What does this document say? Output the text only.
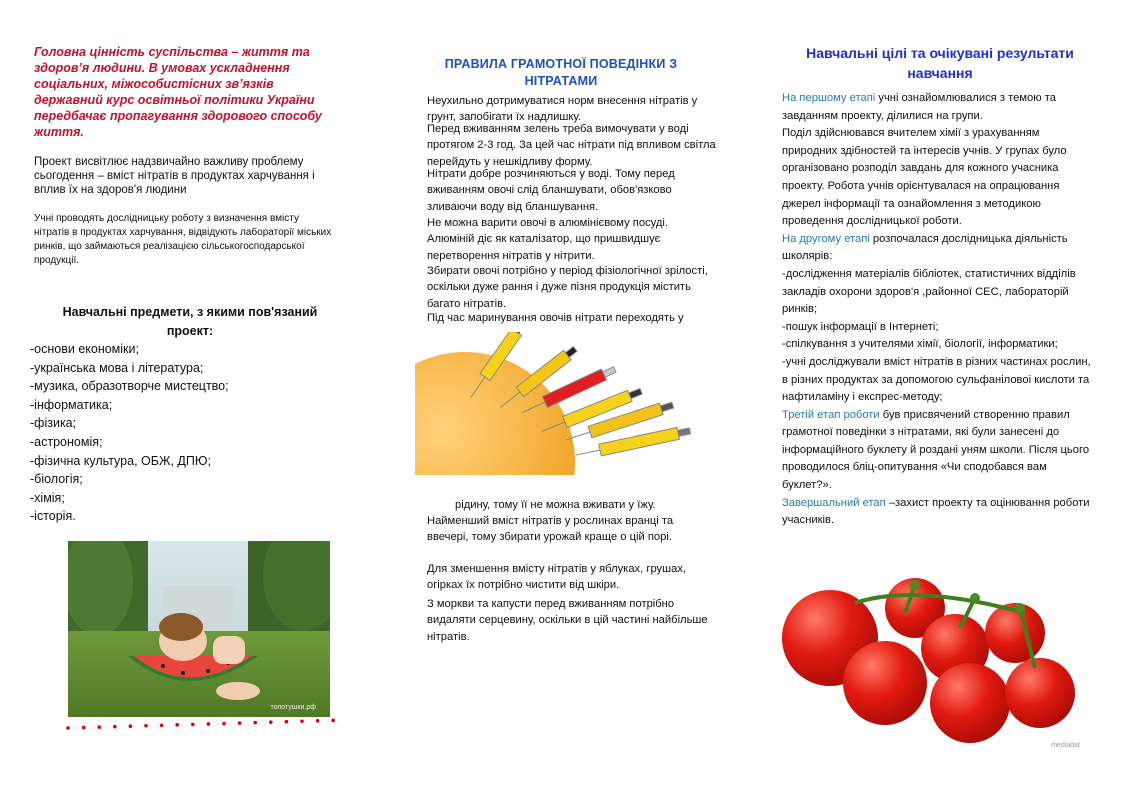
Головна цінність суспільства – життя та здоров’я людини. В умовах ускладнення соціальних, міжособистісних зв’язків державний курс освітньої політики України передбачає пропагування здорового способу життя.
Проект висвітлює надзвичайно важливу проблему сьогодення – вміст нітратів в продуктах харчування і вплив їх на здоров'я людини
Учні проводять дослідницьку роботу з визначення вмісту нітратів в продуктах харчування, відвідують лабораторії міських ринків, що займаються реалізацією сільськогосподарської продукції.
Навчальні предмети, з якими пов'язаний проект:
-основи економіки;
-українська мова і література;
-музика, образотворче мистецтво;
-інформатика;
-фізика;
-астрономія;
-фізична культура, ОБЖ, ДПЮ;
-біологія;
-хімія;
-історія.
топотушки.рф
ПРАВИЛА ГРАМОТНОЇ ПОВЕДІНКИ З НІТРАТАМИ

Неухильно дотримуватися норм внесення нітратів у грунт, запобігати їх надлишку.

Перед вживанням зелень треба вимочувати у воді протягом 2-3 год. За цей час нітрати під впливом світла перейдуть у нешкідливу форму.

Нітрати добре розчиняються у воді. Тому перед вживанням овочі слід бланшувати, обов'язково зливаючи воду від бланшування.

Не можна варити овочі в алюмінієвому посуді. Алюміній діє як каталізатор, що пришвидшує перетворення нітратів у нітрити.

Збирати овочі потрібно у період фізіологічної зрілості, оскільки дуже рання і дуже пізня продукція містить багато нітратів.

Під час маринування овочів нітрати переходять у

рідину, тому її не можна вживати у їжу.

Найменший вміст нітратів у рослинах вранці та ввечері, тому збирати урожай краще о цій порі.

Для зменшення вмісту нітратів у яблуках, грушах, огірках їх потрібно чистити від шкіри.

З моркви та капусти перед вживанням потрібно видаляти серцевину, оскільки в цій частині найбільше нітратів.

Навчальні цілі та очікувані результати навчання
На першому етапі учні ознайомлювалися з темою та завданням проекту, ділилися на групи.
Поділ здійснювався вчителем хімії з урахуванням природних здібностей та інтересів учнів. У групах було організовано розподіл завдань для кожного учасника проекту. Робота учнів орієнтувалася на опрацювання джерел інформації та ознайомлення з методикою проведення дослідницької роботи.
На другому етапі розпочалася дослідницька діяльність школярів:
-дослідження матеріалів бібліотек, статистичних відділів закладів охорони здоров'я ,районної СЕС, лабораторій ринків;
-пошук інформації в Інтернеті;
-спілкування з учителями хімії, біології, інформатики;
-учні досліджували вміст нітратів в різних частинах рослин, в різних продуктах за допомогою сульфаніловоі кислоти та нафтиламіну і експрес-методу;
Третій етап роботи був присвячений створенню правил грамотної поведінки з нітратами, які були занесені до інформаційного буклету й роздані уням школи. Після цього проводилося бліц-опитування «Чи сподобався вам буклет?».
Завершальний етап –захист проекту та оцінювання роботи учасників.
mediadat
